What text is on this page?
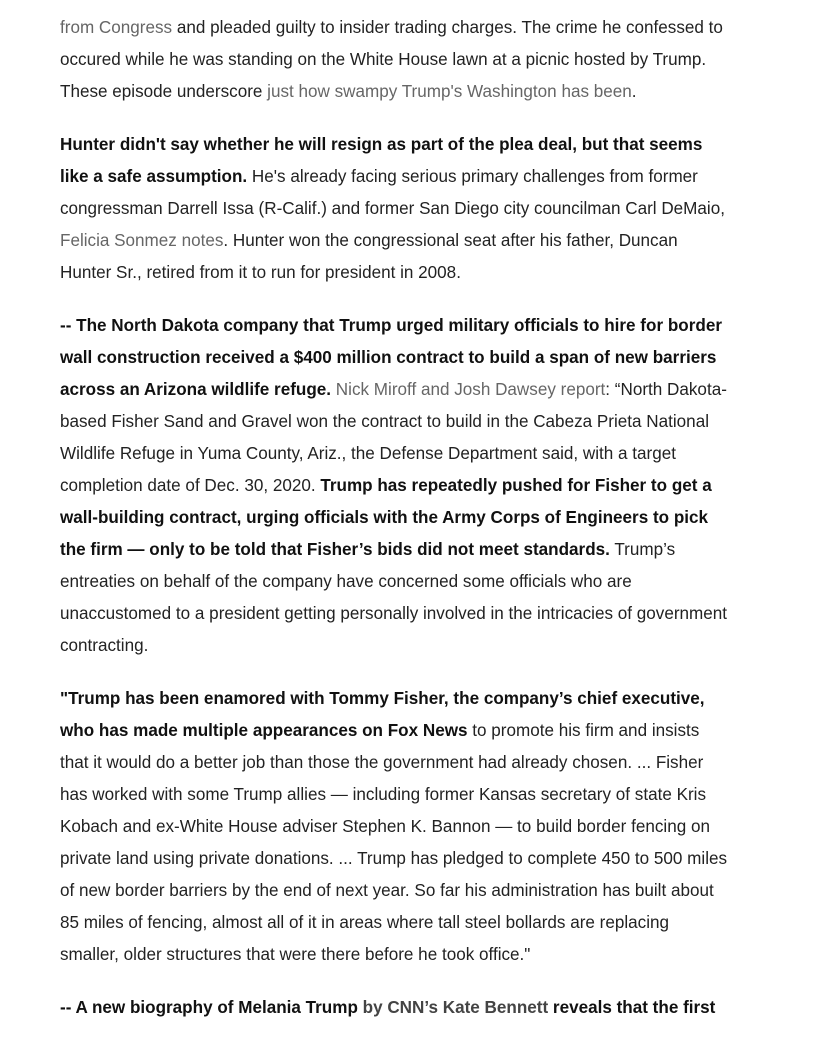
from Congress and pleaded guilty to insider trading charges. The crime he confessed to
occured while he was standing on the White House lawn at a picnic hosted by Trump.
These episode underscore just how swampy Trump's Washington has been.

Hunter didn't say whether he will resign as part of the plea deal, but that seems
like a safe assumption. He's already facing serious primary challenges from former
congressman Darrell Issa (R-Calif.) and former San Diego city councilman Carl DeMaio,
Felicia Sonmez notes. Hunter won the congressional seat after his father, Duncan
Hunter Sr., retired from it to run for president in 2008.

-- The North Dakota company that Trump urged military officials to hire for border
wall construction received a $400 million contract to build a span of new barriers
across an Arizona wildlife refuge. Nick Miroff and Josh Dawsey report: “North Dakota-
based Fisher Sand and Gravel won the contract to build in the Cabeza Prieta National
Wildlife Refuge in Yuma County, Ariz., the Defense Department said, with a target
completion date of Dec. 30, 2020. Trump has repeatedly pushed for Fisher to get a
wall-building contract, urging officials with the Army Corps of Engineers to pick
the firm — only to be told that Fisher’s bids did not meet standards. Trump’s
entreaties on behalf of the company have concerned some officials who are
unaccustomed to a president getting personally involved in the intricacies of government
contracting.

"Trump has been enamored with Tommy Fisher, the company’s chief executive,
who has made multiple appearances on Fox News to promote his firm and insists
that it would do a better job than those the government had already chosen. ... Fisher
has worked with some Trump allies — including former Kansas secretary of state Kris
Kobach and ex-White House adviser Stephen K. Bannon — to build border fencing on
private land using private donations. ... Trump has pledged to complete 450 to 500 miles
of new border barriers by the end of next year. So far his administration has built about
85 miles of fencing, almost all of it in areas where tall steel bollards are replacing
smaller, older structures that were there before he took office."

-- A new biography of Melania Trump by CNN’s Kate Bennett reveals that the first
